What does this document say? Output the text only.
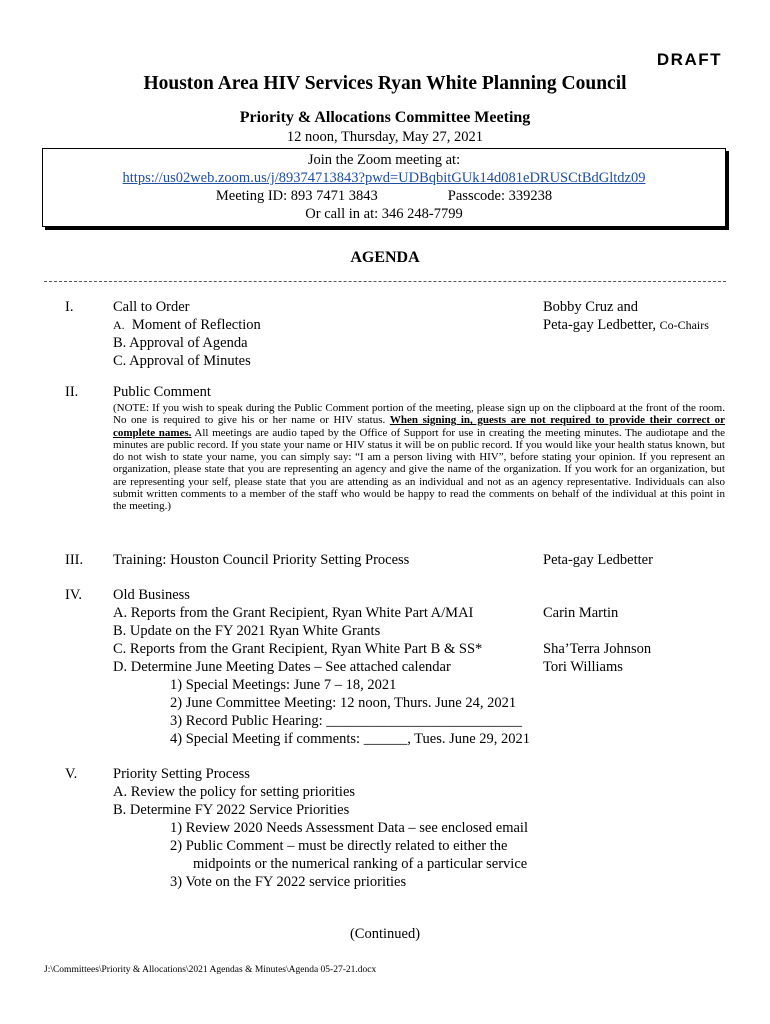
DRAFT
Houston Area HIV Services Ryan White Planning Council
Priority & Allocations Committee Meeting
12 noon, Thursday, May 27, 2021
Join the Zoom meeting at:
https://us02web.zoom.us/j/89374713843?pwd=UDBqbitGUk14d081eDRUSCtBdGltdz09
Meeting ID: 893 7471 3843	Passcode: 339238
Or call in at: 346 248-7799
AGENDA
I.	Call to Order	Bobby Cruz and
A. Moment of Reflection	Peta-gay Ledbetter, Co-Chairs
B. Approval of Agenda
C. Approval of Minutes
II. Public Comment
(NOTE: If you wish to speak during the Public Comment portion of the meeting, please sign up on the clipboard at the front of the room. No one is required to give his or her name or HIV status. When signing in, guests are not required to provide their correct or complete names. All meetings are audio taped by the Office of Support for use in creating the meeting minutes. The audiotape and the minutes are public record. If you state your name or HIV status it will be on public record. If you would like your health status known, but do not wish to state your name, you can simply say: “I am a person living with HIV”, before stating your opinion. If you represent an organization, please state that you are representing an agency and give the name of the organization. If you work for an organization, but are representing your self, please state that you are attending as an individual and not as an agency representative. Individuals can also submit written comments to a member of the staff who would be happy to read the comments on behalf of the individual at this point in the meeting.)
III. Training: Houston Council Priority Setting Process	Peta-gay Ledbetter
IV. Old Business
A. Reports from the Grant Recipient, Ryan White Part A/MAI	Carin Martin
B. Update on the FY 2021 Ryan White Grants
C. Reports from the Grant Recipient, Ryan White Part B & SS*	Sha’Terra Johnson
D. Determine June Meeting Dates – See attached calendar	Tori Williams
1) Special Meetings: June 7 – 18, 2021
2) June Committee Meeting: 12 noon, Thurs. June 24, 2021
3) Record Public Hearing: ___________________________
4) Special Meeting if comments: ______, Tues. June 29, 2021
V. Priority Setting Process
A. Review the policy for setting priorities
B. Determine FY 2022 Service Priorities
1) Review 2020 Needs Assessment Data – see enclosed email
2) Public Comment – must be directly related to either the
midpoints or the numerical ranking of a particular service
3) Vote on the FY 2022 service priorities
(Continued)
J:\Committees\Priority & Allocations\2021 Agendas & Minutes\Agenda 05-27-21.docx
